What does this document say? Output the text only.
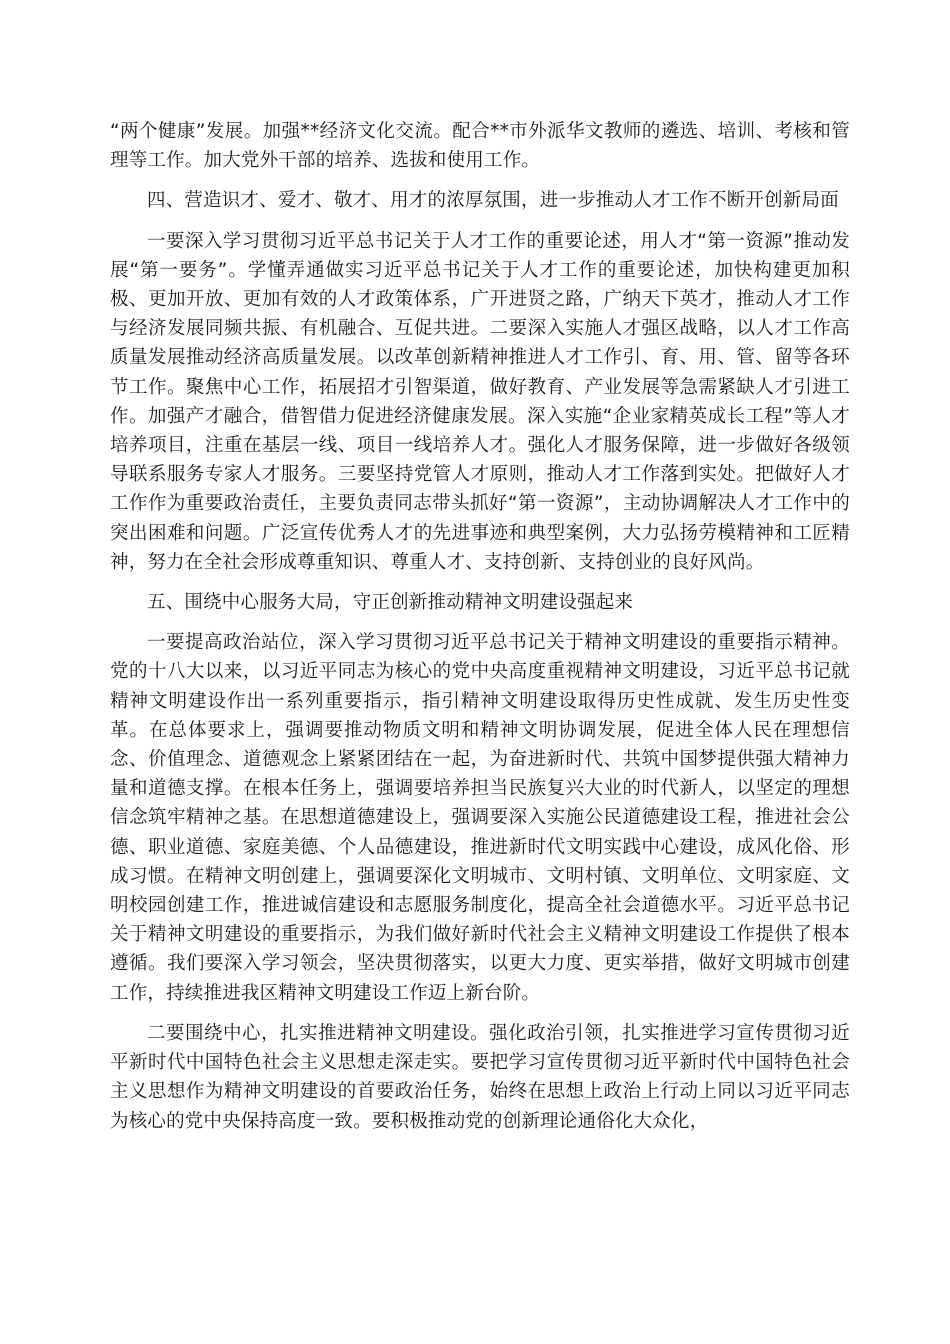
“两个健康”发展。加强**经济文化交流。配合**市外派华文教师的遴选、培训、考核和管理等工作。加大党外干部的培养、选拔和使用工作。

四、营造识才、爱才、敬才、用才的浓厚氛围，进一步推动人才工作不断开创新局面

一要深入学习贯彻习近平总书记关于人才工作的重要论述，用人才“第一资源”推动发展“第一要务”。学懂弄通做实习近平总书记关于人才工作的重要论述，加快构建更加积极、更加开放、更加有效的人才政策体系，广开进贤之路，广纳天下英才，推动人才工作与经济发展同频共振、有机融合、互促共进。二要深入实施人才强区战略，以人才工作高质量发展推动经济高质量发展。以改革创新精神推进人才工作引、育、用、管、留等各环节工作。聚焦中心工作，拓展招才引智渠道，做好教育、产业发展等急需紧缺人才引进工作。加强产才融合，借智借力促进经济健康发展。深入实施“企业家精英成长工程”等人才培养项目，注重在基层一线、项目一线培养人才。强化人才服务保障，进一步做好各级领导联系服务专家人才服务。三要坚持党管人才原则，推动人才工作落到实处。把做好人才工作作为重要政治责任，主要负责同志带头抓好“第一资源”，主动协调解决人才工作中的突出困难和问题。广泛宣传优秀人才的先进事迹和典型案例，大力弘扬劳模精神和工匠精神，努力在全社会形成尊重知识、尊重人才、支持创新、支持创业的良好风尚。

五、围绕中心服务大局，守正创新推动精神文明建设强起来

一要提高政治站位，深入学习贯彻习近平总书记关于精神文明建设的重要指示精神。党的十八大以来，以习近平同志为核心的党中央高度重视精神文明建设，习近平总书记就精神文明建设作出一系列重要指示，指引精神文明建设取得历史性成就、发生历史性变革。在总体要求上，强调要推动物质文明和精神文明协调发展，促进全体人民在理想信念、价值理念、道德观念上紧紧团结在一起，为奋进新时代、共筑中国梦提供强大精神力量和道德支撑。在根本任务上，强调要培养担当民族复兴大业的时代新人，以坚定的理想信念筑牢精神之基。在思想道德建设上，强调要深入实施公民道德建设工程，推进社会公德、职业道德、家庭美德、个人品德建设，推进新时代文明实践中心建设，成风化俗、形成习惯。在精神文明创建上，强调要深化文明城市、文明村镇、文明单位、文明家庭、文明校园创建工作，推进诚信建设和志愿服务制度化，提高全社会道德水平。习近平总书记关于精神文明建设的重要指示，为我们做好新时代社会主义精神文明建设工作提供了根本遵循。我们要深入学习领会，坚决贯彻落实，以更大力度、更实举措，做好文明城市创建工作，持续推进我区精神文明建设工作迈上新台阶。

二要围绕中心，扎实推进精神文明建设。强化政治引领，扎实推进学习宣传贯彻习近平新时代中国特色社会主义思想走深走实。要把学习宣传贯彻习近平新时代中国特色社会主义思想作为精神文明建设的首要政治任务，始终在思想上政治上行动上同以习近平同志为核心的党中央保持高度一致。要积极推动党的创新理论通俗化大众化，
